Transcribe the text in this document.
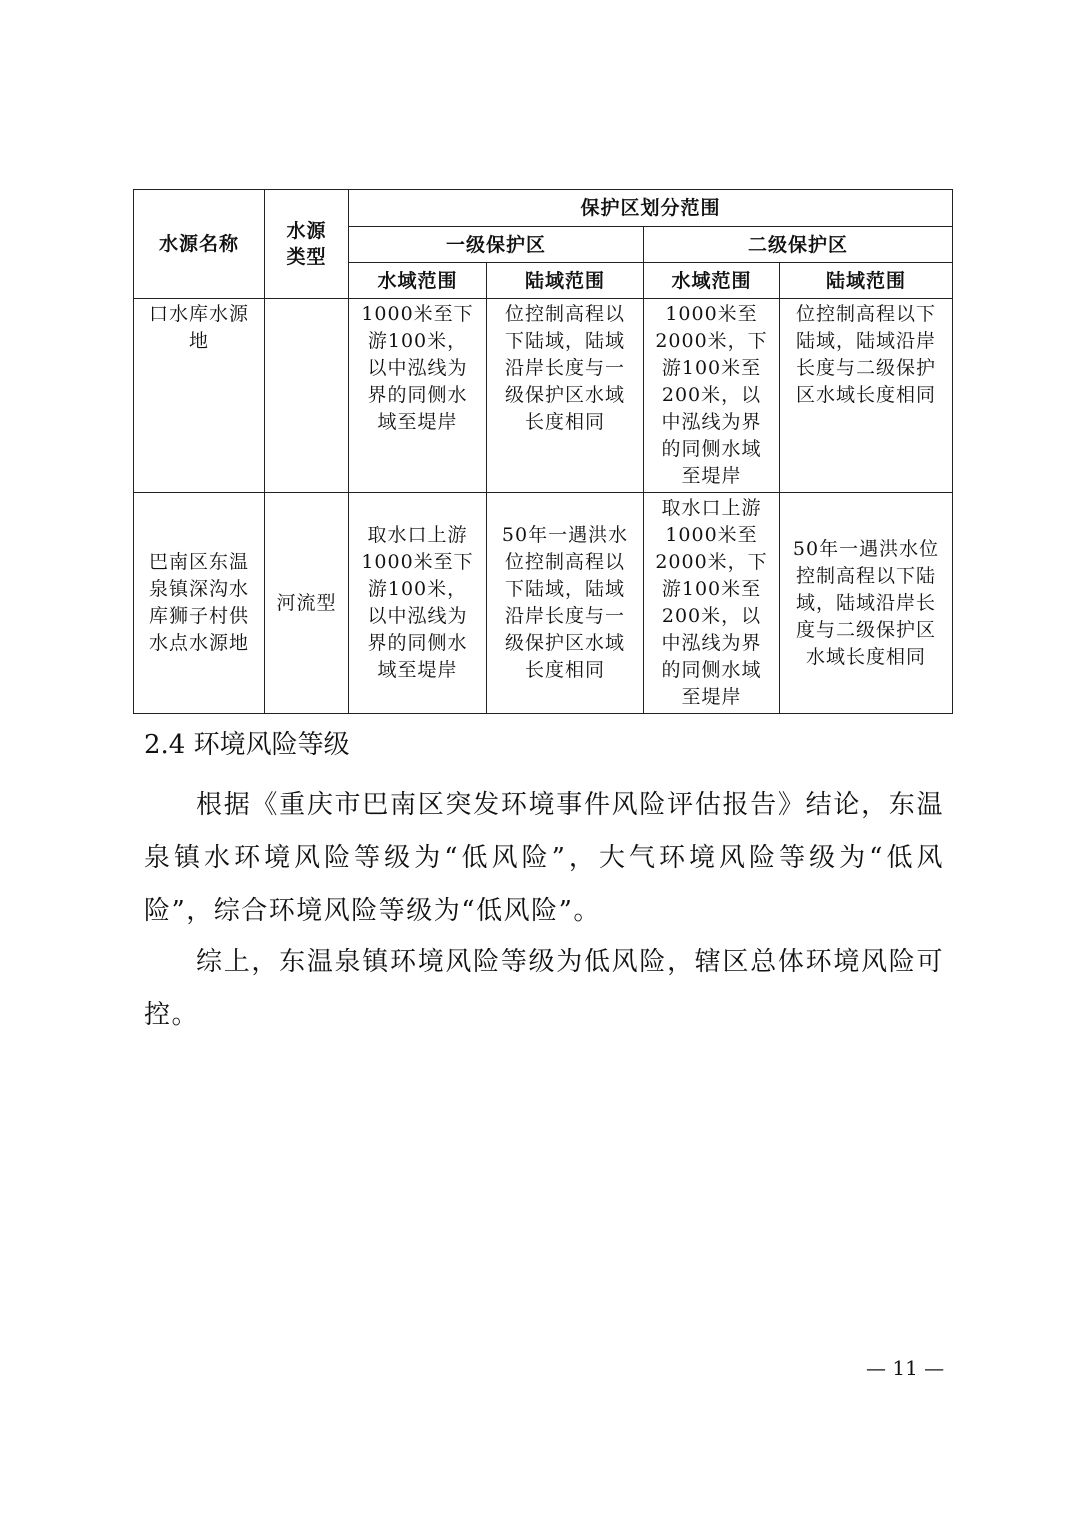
水源名称	水源类型	保护区划分范围			
		一级保护区		二级保护区	
		水域范围	陆域范围	水域范围	陆域范围
口水库水源地		1000米至下游100米，以中泓线为界的同侧水域至堤岸	位控制高程以下陆域，陆域沿岸长度与一级保护区水域长度相同	1000米至2000米，下游100米至200米，以中泓线为界的同侧水域至堤岸	位控制高程以下陆域，陆域沿岸长度与二级保护区水域长度相同
巴南区东温泉镇深沟水库狮子村供水点水源地	河流型	取水口上游1000米至下游100米，以中泓线为界的同侧水域至堤岸	50年一遇洪水位控制高程以下陆域，陆域沿岸长度与一级保护区水域长度相同	取水口上游1000米至2000米，下游100米至200米，以中泓线为界的同侧水域至堤岸	50年一遇洪水位控制高程以下陆域，陆域沿岸长度与二级保护区水域长度相同
2.4 环境风险等级

根据《重庆市巴南区突发环境事件风险评估报告》结论，东温泉镇水环境风险等级为“低风险”，大气环境风险等级为“低风险”，综合环境风险等级为“低风险”。

综上，东温泉镇环境风险等级为低风险，辖区总体环境风险可控。

— 11 —
